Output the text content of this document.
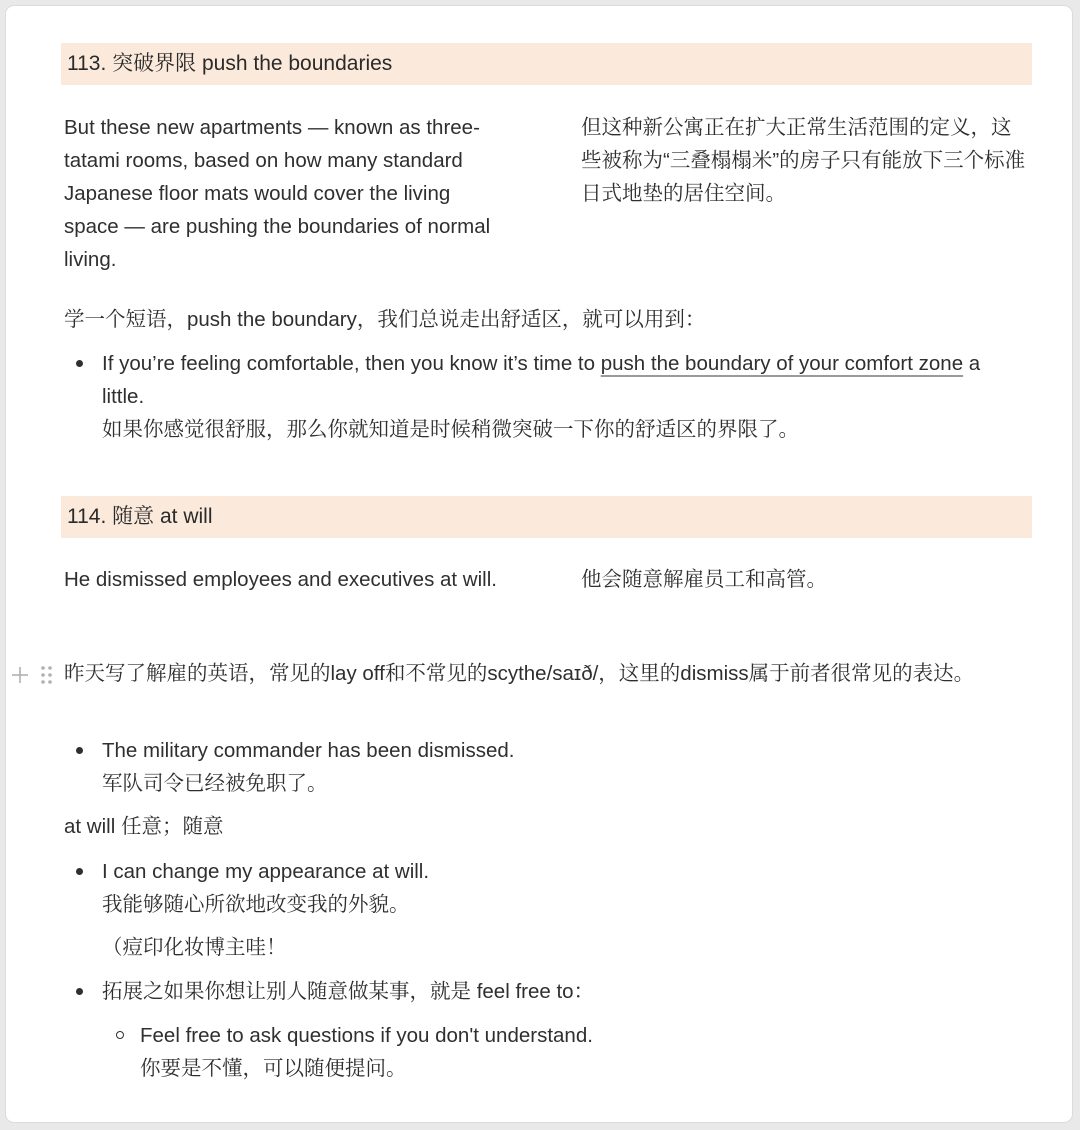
113. 突破界限 push the boundaries

But these new apartments — known as three-tatami rooms, based on how many standard Japanese floor mats would cover the living space — are pushing the boundaries of normal living.

但这种新公寓正在扩大正常生活范围的定义，这些被称为“三叠榻榻米”的房子只有能放下三个标准日式地垫的居住空间。

学一个短语，push the boundary，我们总说走出舒适区，就可以用到：
If you’re feeling comfortable, then you know it’s time to push the boundary of your comfort zone a little.
如果你感觉很舒服，那么你就知道是时候稍微突破一下你的舒适区的界限了。
114. 随意 at will

He dismissed employees and executives at will.	他会随意解雇员工和高管。

昨天写了解雇的英语，常见的lay off和不常见的scythe/saɪð/，这里的dismiss属于前者很常见的表达。
The military commander has been dismissed.
军队司令已经被免职了。
at will 任意；随意
I can change my appearance at will.
我能够随心所欲地改变我的外貌。
（痘印化妆博主哇！
拓展之如果你想让别人随意做某事，就是 feel free to：
Feel free to ask questions if you don't understand.
你要是不懂，可以随便提问。
